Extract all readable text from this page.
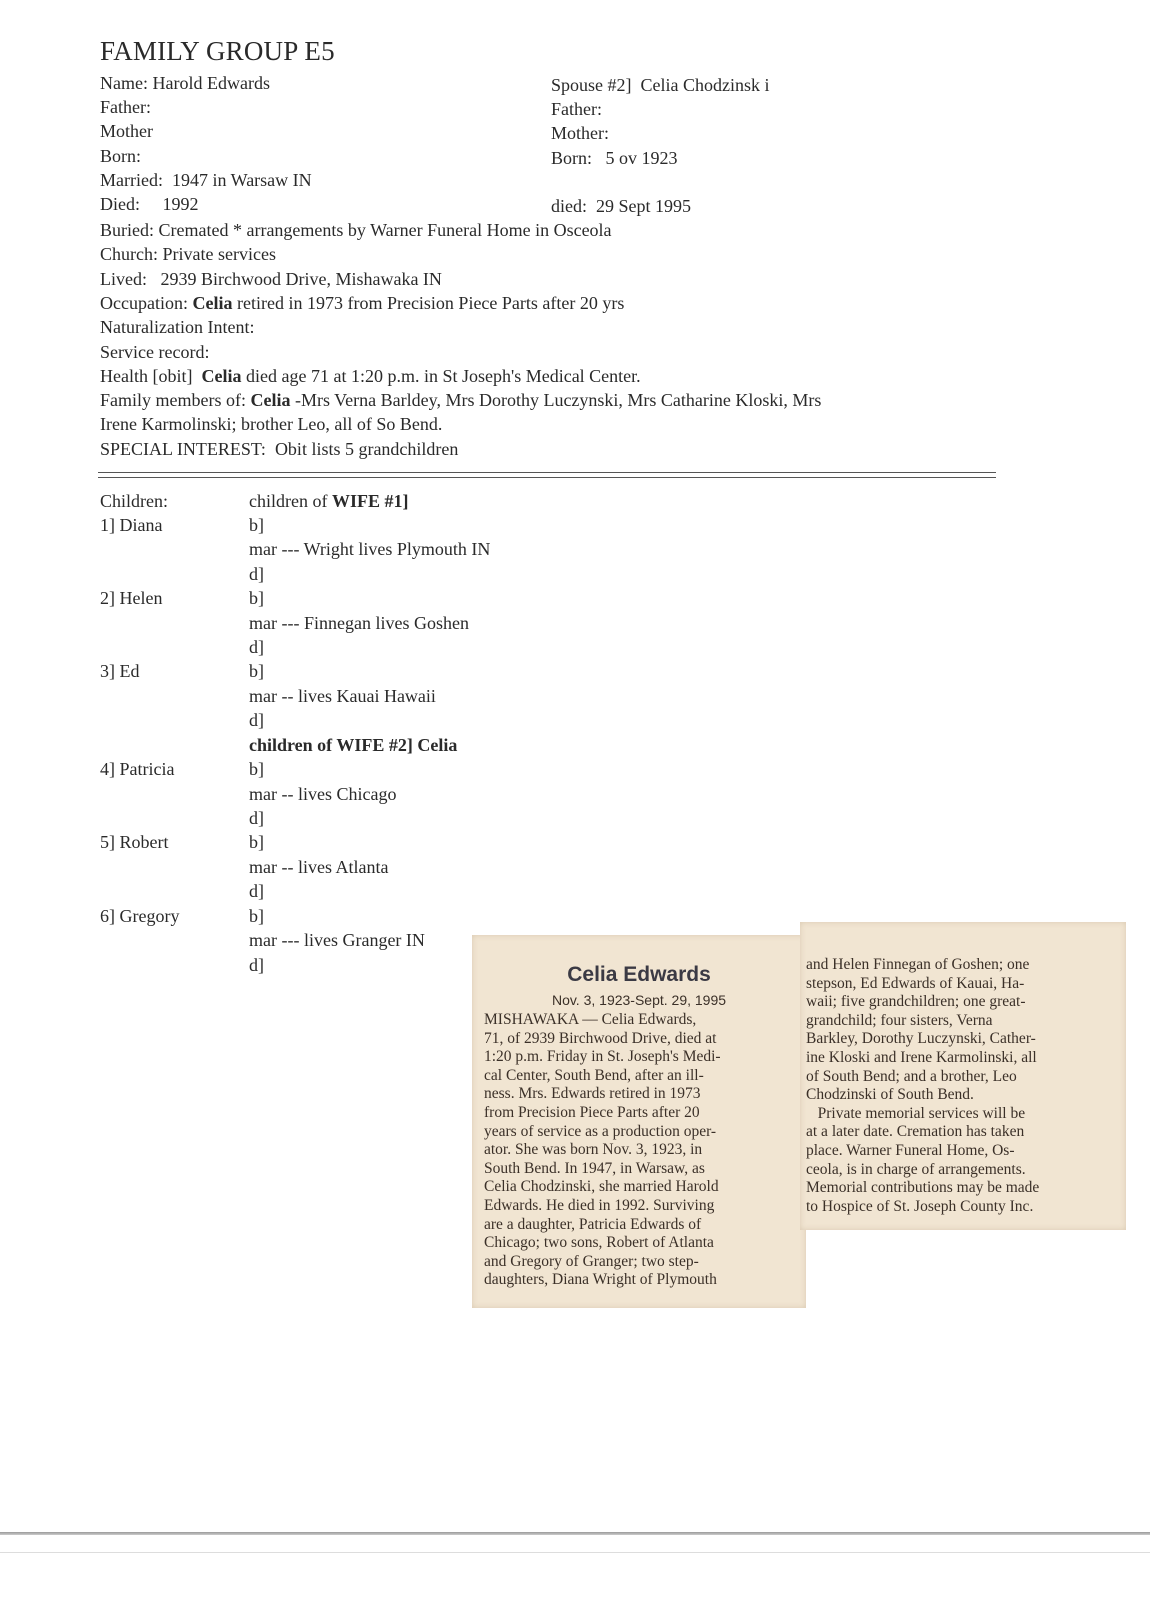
FAMILY GROUP E5
Name: Harold Edwards
Father:
Mother
Born:
Married:  1947 in Warsaw IN
Died:     1992
Spouse #2]  Celia Chodzinsk i
Father:
Mother:
Born:   5 ov 1923
died:  29 Sept 1995
Buried: Cremated * arrangements by Warner Funeral Home in Osceola
Church: Private services
Lived:   2939 Birchwood Drive, Mishawaka IN
Occupation: Celia retired in 1973 from Precision Piece Parts after 20 yrs
Naturalization Intent:
Service record:
Health [obit]  Celia died age 71 at 1:20 p.m. in St Joseph's Medical Center.
Family members of: Celia -Mrs Verna Barldey, Mrs Dorothy Luczynski, Mrs Catharine Kloski, Mrs
Irene Karmolinski; brother Leo, all of So Bend.
SPECIAL INTEREST:  Obit lists 5 grandchildren
Children:	children of WIFE #1]
1] Diana	b]
mar --- Wright lives Plymouth IN
d]
2] Helen	b]
mar --- Finnegan lives Goshen
d]
3] Ed	b]
mar -- lives Kauai Hawaii
d]
children of WIFE #2] Celia
4] Patricia	b]
mar -- lives Chicago
d]
5] Robert	b]
mar -- lives Atlanta
d]
6] Gregory	b]
mar --- lives Granger IN
d]	Celia Edwards
Nov. 3, 1923-Sept. 29, 1995
MISHAWAKA — Celia Edwards,
71, of 2939 Birchwood Drive, died at
1:20 p.m. Friday in St. Joseph's Medi-
cal Center, South Bend, after an ill-
ness. Mrs. Edwards retired in 1973
from Precision Piece Parts after 20
years of service as a production oper-
ator. She was born Nov. 3, 1923, in
South Bend. In 1947, in Warsaw, as
Celia Chodzinski, she married Harold
Edwards. He died in 1992. Surviving
are a daughter, Patricia Edwards of
Chicago; two sons, Robert of Atlanta
and Gregory of Granger; two step-
daughters, Diana Wright of Plymouth
and Helen Finnegan of Goshen; one
stepson, Ed Edwards of Kauai, Ha-
waii; five grandchildren; one great-
grandchild; four sisters, Verna
Barkley, Dorothy Luczynski, Cather-
ine Kloski and Irene Karmolinski, all
of South Bend; and a brother, Leo
Chodzinski of South Bend.
Private memorial services will be
at a later date. Cremation has taken
place. Warner Funeral Home, Os-
ceola, is in charge of arrangements.
Memorial contributions may be made
to Hospice of St. Joseph County Inc.
